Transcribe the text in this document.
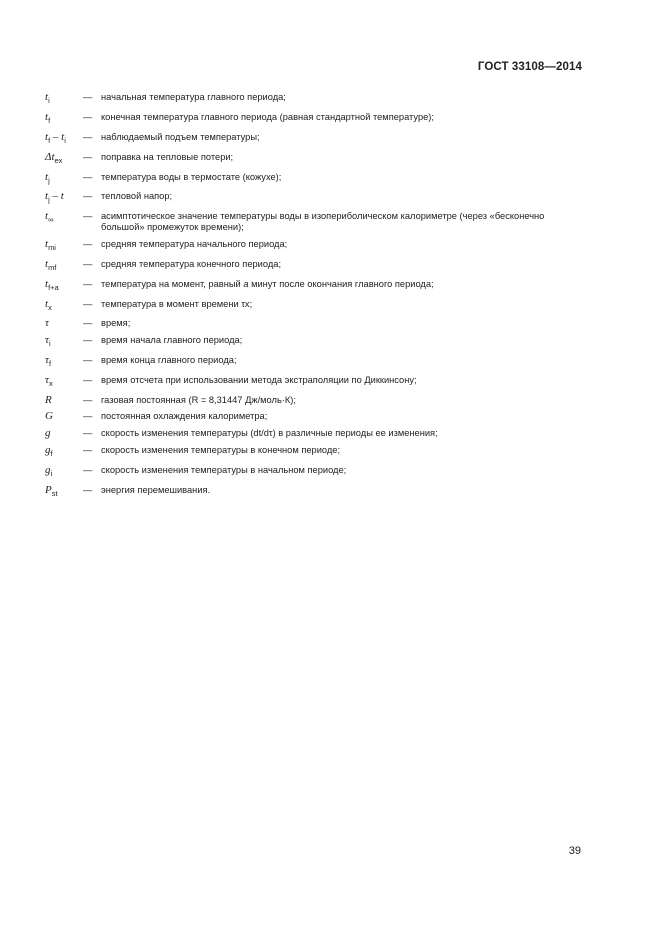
ГОСТ 33108—2014
$t_i$	— начальная температура главного периода;
$t_f$	— конечная температура главного периода (равная стандартной температуре);
$t_f - t_i$	— наблюдаемый подъем температуры;
$\Delta t_{ex}$	— поправка на тепловые потери;
$t_j$	— температура воды в термостате (кожухе);
$t_j$ – t	— тепловой напор;
$t_\infty$	— асимптотическое значение температуры воды в изопериболическом калориметре (через «бесконечно большой» промежуток времени);
$t_{mi}$	— средняя температура начального периода;
$t_{mf}$	— средняя температура конечного периода;
$t_{f+a}$	— температура на момент, равный a минут после окончания главного периода;
$t_x$	— температура в момент времени τx;
τ	— время;
$\tau_i$	— время начала главного периода;
$\tau_f$	— время конца главного периода;
$\tau_x$	— время отсчета при использовании метода экстраполяции по Диккинсону;
R	— газовая постоянная (R = 8,31447 Дж/моль·К);
G	— постоянная охлаждения калориметра;
g	— скорость изменения температуры (dt/dτ) в различные периоды ее изменения;
$g_f$	— скорость изменения температуры в конечном периоде;
$g_i$	— скорость изменения температуры в начальном периоде;
$P_{st}$	— энергия перемешивания.
39
